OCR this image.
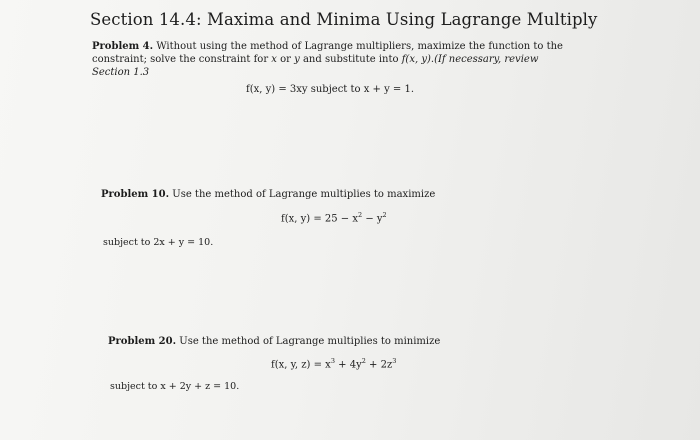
Section 14.4: Maxima and Minima Using Lagrange Multiply
Problem 4. Without using the method of Lagrange multipliers, maximize the function to the constraint; solve the constraint for x or y and substitute into f(x, y).(If necessary, review Section 1.3
f(x, y) = 3xy subject to x + y = 1.
Problem 10. Use the method of Lagrange multiplies to maximize
f(x, $y) = 25 - x^2 - y^2$
subject to 2x + y = 10.
Problem 20. Use the method of Lagrange multiplies to minimize
f(x, y, $z) = x^3 + 4y^2 + 2z^3$
subject to x + 2y + z = 10.
